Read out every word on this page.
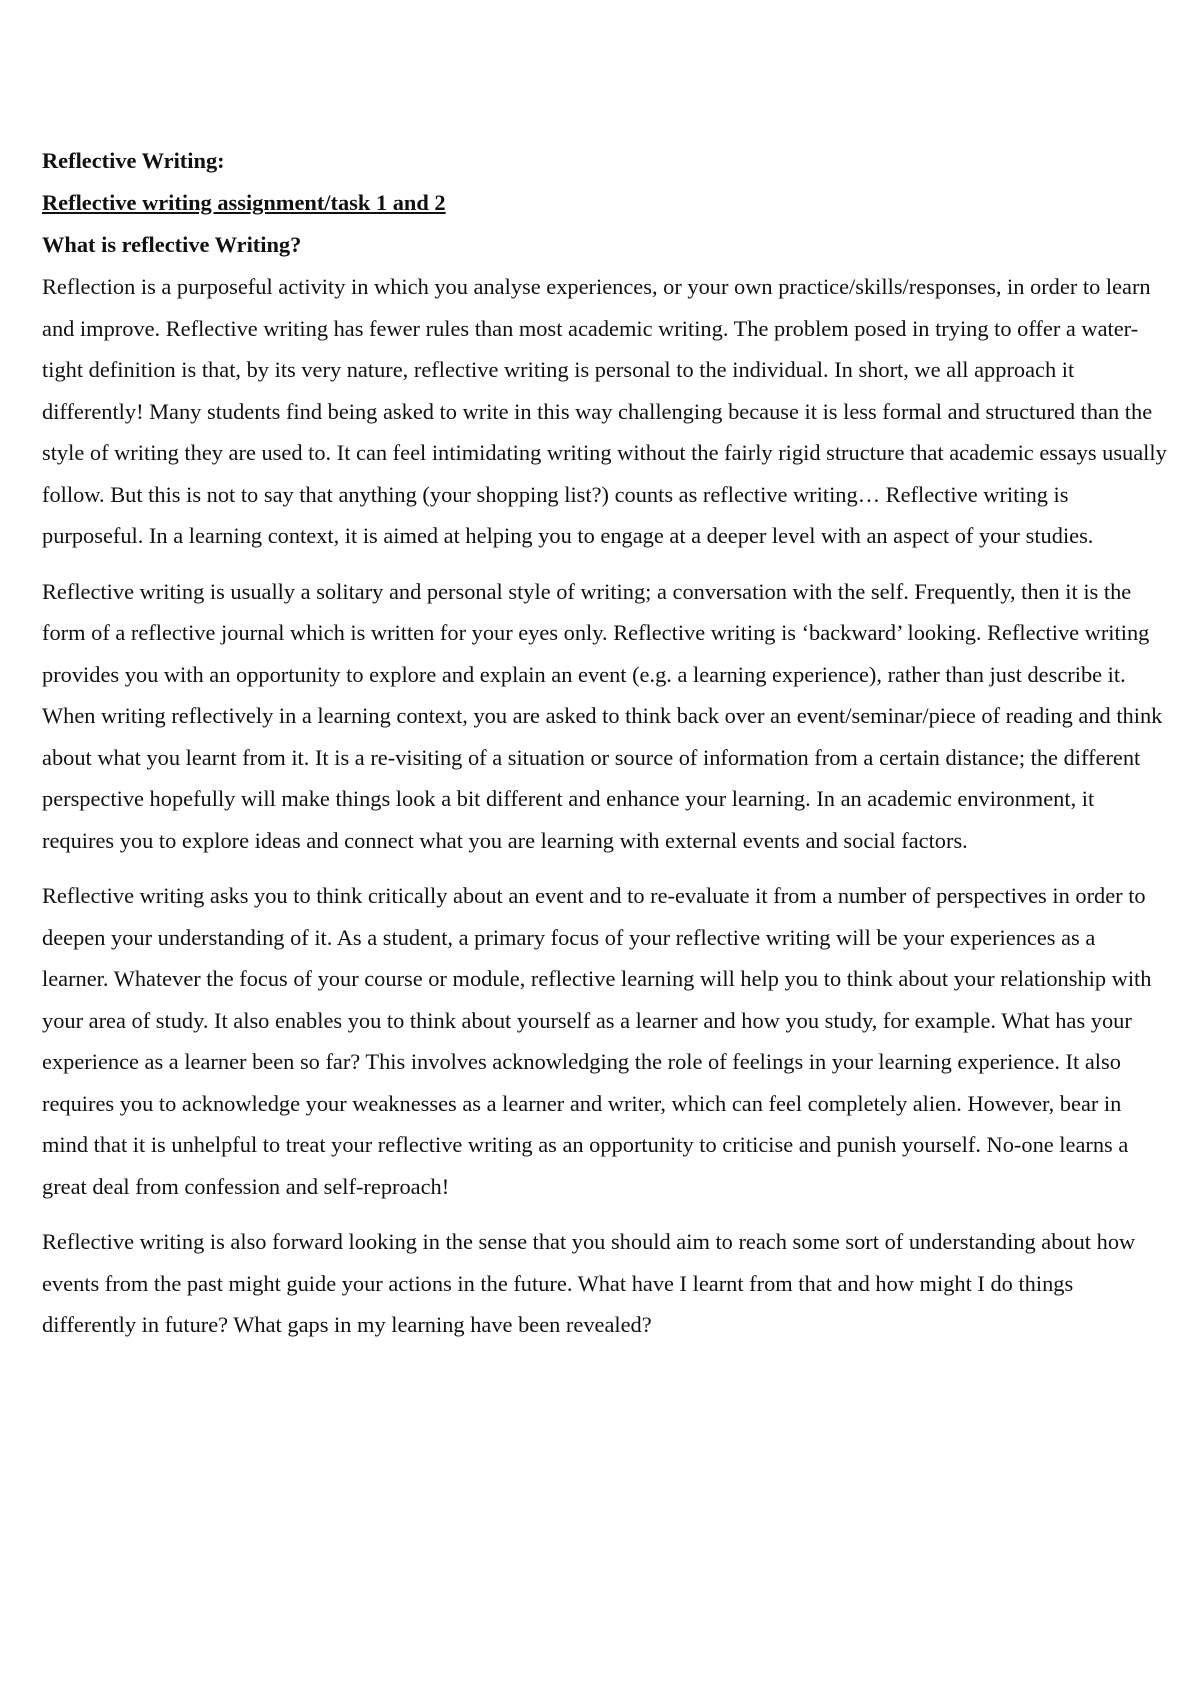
Reflective Writing:

Reflective writing assignment/task 1 and 2

What is reflective Writing?

Reflection is a purposeful activity in which you analyse experiences, or your own practice/skills/responses, in order to learn and improve. Reflective writing has fewer rules than most academic writing. The problem posed in trying to offer a water-tight definition is that, by its very nature, reflective writing is personal to the individual. In short, we all approach it differently! Many students find being asked to write in this way challenging because it is less formal and structured than the style of writing they are used to. It can feel intimidating writing without the fairly rigid structure that academic essays usually follow. But this is not to say that anything (your shopping list?) counts as reflective writing… Reflective writing is purposeful. In a learning context, it is aimed at helping you to engage at a deeper level with an aspect of your studies.

Reflective writing is usually a solitary and personal style of writing; a conversation with the self. Frequently, then it is the form of a reflective journal which is written for your eyes only. Reflective writing is ‘backward’ looking. Reflective writing provides you with an opportunity to explore and explain an event (e.g. a learning experience), rather than just describe it. When writing reflectively in a learning context, you are asked to think back over an event/seminar/piece of reading and think about what you learnt from it. It is a re-visiting of a situation or source of information from a certain distance; the different perspective hopefully will make things look a bit different and enhance your learning. In an academic environment, it requires you to explore ideas and connect what you are learning with external events and social factors.

Reflective writing asks you to think critically about an event and to re-evaluate it from a number of perspectives in order to deepen your understanding of it. As a student, a primary focus of your reflective writing will be your experiences as a learner. Whatever the focus of your course or module, reflective learning will help you to think about your relationship with your area of study. It also enables you to think about yourself as a learner and how you study, for example. What has your experience as a learner been so far? This involves acknowledging the role of feelings in your learning experience. It also requires you to acknowledge your weaknesses as a learner and writer, which can feel completely alien. However, bear in mind that it is unhelpful to treat your reflective writing as an opportunity to criticise and punish yourself. No-one learns a great deal from confession and self-reproach!

Reflective writing is also forward looking in the sense that you should aim to reach some sort of understanding about how events from the past might guide your actions in the future. What have I learnt from that and how might I do things differently in future? What gaps in my learning have been revealed?
